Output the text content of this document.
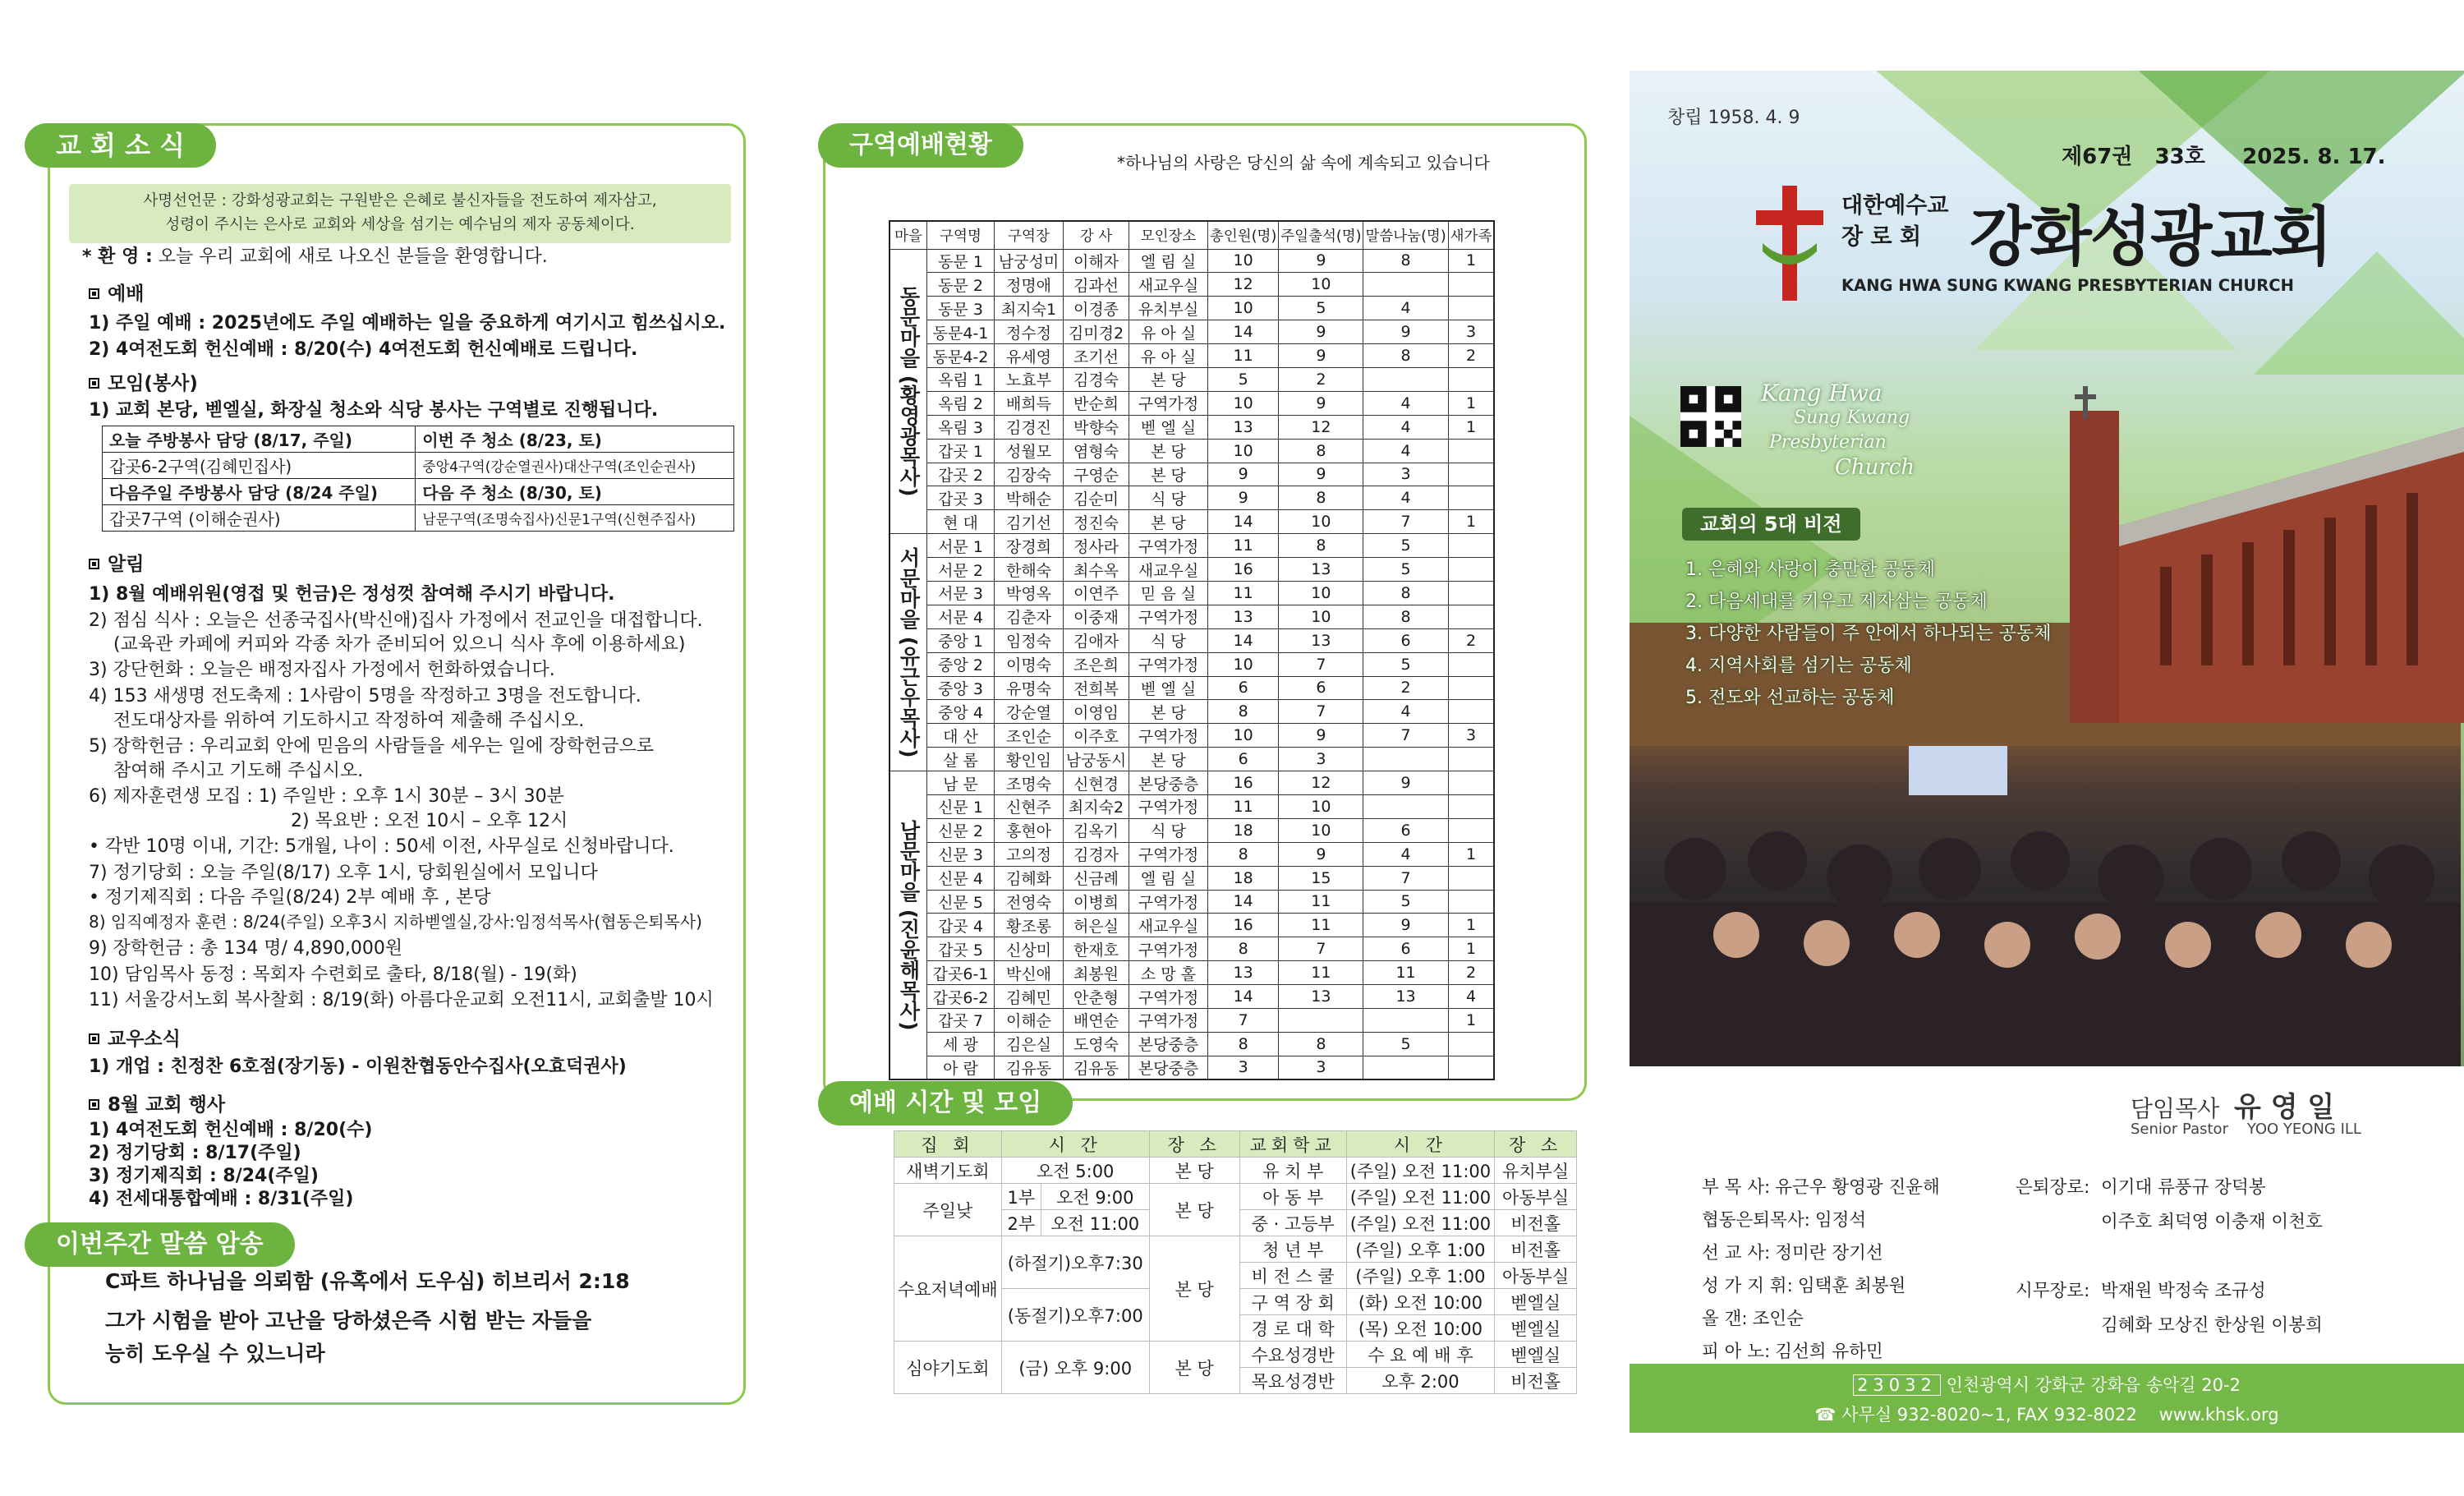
교 회 소 식
사명선언문 : 강화성광교회는 구원받은 은혜로 불신자들을 전도하여 제자삼고,
성령이 주시는 은사로 교회와 세상을 섬기는 예수님의 제자 공동체이다.
* 환 영 : 오늘 우리 교회에 새로 나오신 분들을 환영합니다.
예배
1) 주일 예배 : 2025년에도 주일 예배하는 일을 중요하게 여기시고 힘쓰십시오.
2) 4여전도회 헌신예배 : 8/20(수) 4여전도회 헌신예배로 드립니다.
모임(봉사)
1) 교회 본당, 벧엘실, 화장실 청소와 식당 봉사는 구역별로 진행됩니다.
오늘 주방봉사 담당 (8/17, 주일)	이번 주 청소 (8/23, 토)
갑곳6-2구역(김혜민집사)	중앙4구역(강순열권사)대산구역(조인순권사)
다음주일 주방봉사 담당 (8/24 주일)	다음 주 청소 (8/30, 토)
갑곳7구역 (이해순권사)	남문구역(조명숙집사)신문1구역(신현주집사)
알림
1) 8월 예배위원(영접 및 헌금)은 정성껏 참여해 주시기 바랍니다.
2) 점심 식사 : 오늘은 선종국집사(박신애)집사 가정에서 전교인을 대접합니다.
(교육관 카페에 커피와 각종 차가 준비되어 있으니 식사 후에 이용하세요)
3) 강단헌화 : 오늘은 배정자집사 가정에서 헌화하였습니다.
4) 153 새생명 전도축제 : 1사람이 5명을 작정하고 3명을 전도합니다.
전도대상자를 위하여 기도하시고 작정하여 제출해 주십시오.
5) 장학헌금 : 우리교회 안에 믿음의 사람들을 세우는 일에 장학헌금으로
참여해 주시고 기도해 주십시오.
6) 제자훈련생 모집 : 1) 주일반 : 오후 1시 30분 – 3시 30분
2) 목요반 : 오전 10시 – 오후 12시
• 각반 10명 이내, 기간: 5개월, 나이 : 50세 이전, 사무실로 신청바랍니다.
7) 정기당회 : 오늘 주일(8/17) 오후 1시, 당회원실에서 모입니다
• 정기제직회 : 다음 주일(8/24) 2부 예배 후 , 본당
8) 임직예정자 훈련 : 8/24(주일) 오후3시 지하벧엘실,강사:임정석목사(협동은퇴목사)
9) 장학헌금 : 총 134 명/ 4,890,000원
10) 담임목사 동정 : 목회자 수련회로 출타, 8/18(월) - 19(화)
11) 서울강서노회 복사찰회 : 8/19(화) 아름다운교회 오전11시, 교회출발 10시
교우소식
1) 개업 : 친정찬 6호점(장기동) - 이원찬협동안수집사(오효덕권사)
8월 교회 행사
1) 4여전도회 헌신예배 : 8/20(수)
2) 정기당회 : 8/17(주일)
3) 정기제직회 : 8/24(주일)
4) 전세대통합예배 : 8/31(주일)
이번주간 말씀 암송
C파트 하나님을 의뢰함 (유혹에서 도우심) 히브리서 2:18
그가 시험을 받아 고난을 당하셨은즉 시험 받는 자들을
능히 도우실 수 있느니라
구역예배현황
*하나님의 사랑은 당신의 삶 속에 계속되고 있습니다
마을	구역명	구역장	강 사	모인장소	총인원(명)	주일출석(명)	말씀나눔(명)	새가족

동문마을 (황영광목사)	동문 1	남궁성미	이해자	엘 림 실	10	9	8	1
	동문 2	정명애	김과선	새교우실	12	10		
	동문 3	최지숙1	이경종	유치부실	10	5	4	
	동문4-1	정수정	김미경2	유 아 실	14	9	9	3
	동문4-2	유세영	조기선	유 아 실	11	9	8	2
	옥림 1	노효부	김경숙	본 당	5	2		
	옥림 2	배희득	반순희	구역가정	10	9	4	1
	옥림 3	김경진	박향숙	벧 엘 실	13	12	4	1
	갑곳 1	성월모	염형숙	본 당	10	8	4	
	갑곳 2	김장숙	구영순	본 당	9	9	3	
	갑곳 3	박해순	김순미	식 당	9	8	4	
	현 대	김기선	정진숙	본 당	14	10	7	1

서문마을 (유근우목사)	서문 1	장경희	정사라	구역가정	11	8	5	
	서문 2	한해숙	최수옥	새교우실	16	13	5	
	서문 3	박영옥	이연주	믿 음 실	11	10	8	
	서문 4	김춘자	이중재	구역가정	13	10	8	
	중앙 1	임정숙	김애자	식 당	14	13	6	2
	중앙 2	이명숙	조은희	구역가정	10	7	5	
	중앙 3	유명숙	전희복	벧 엘 실	6	6	2	
	중앙 4	강순열	이영임	본 당	8	7	4	
	대 산	조인순	이주호	구역가정	10	9	7	3
	살 롬	황인임	남궁동시	본 당	6	3		

남문마을 (진윤해목사)	남 문	조명숙	신현경	본당중층	16	12	9	
	신문 1	신현주	최지숙2	구역가정	11	10		
	신문 2	홍현아	김옥기	식 당	18	10	6	
	신문 3	고의정	김경자	구역가정	8	9	4	1
	신문 4	김혜화	신금례	엘 림 실	18	15	7	
	신문 5	전영숙	이병희	구역가정	14	11	5	
	갑곳 4	황조롱	허은실	새교우실	16	11	9	1
	갑곳 5	신상미	한재호	구역가정	8	7	6	1
	갑곳6-1	박신애	최봉원	소 망 홀	13	11	11	2
	갑곳6-2	김혜민	안춘형	구역가정	14	13	13	4
	갑곳 7	이해순	배연순	구역가정	7			1
	세 광	김은실	도영숙	본당중층	8	8	5	
	아 람	김유동	김유동	본당중층	3	3		
예배 시간 및 모임
집 회	시 간		장 소	교회학교	시 간	장 소
새벽기도회	오전 5:00		본 당	유 치 부	(주일) 오전 11:00	유치부실
주일낮	1부	오전 9:00	본 당	아 동 부	(주일) 오전 11:00	아동부실
	2부	오전 11:00		중 · 고등부	(주일) 오전 11:00	비전홀
수요저녁예배	(하절기)오후7:30		본 당	청 년 부	(주일) 오후 1:00	비전홀
				비 전 스 쿨	(주일) 오후 1:00	아동부실
	(동절기)오후7:00			구 역 장 회	(화) 오전 10:00	벧엘실
				경 로 대 학	(목) 오전 10:00	벧엘실
심야기도회	(금) 오후 9:00		본 당	수요성경반	수 요 예 배 후	벧엘실
				목요성경반	오후 2:00	비전홀
창립 1958. 4. 9
제67권 33호 2025. 8. 17.
대한예수교
장 로 회 강화성광교회
KANG HWA SUNG KWANG PRESBYTERIAN CHURCH
Kang Hwa
Sung Kwang
Presbyterian
Church
교회의 5대 비전
1. 은혜와 사랑이 충만한 공동체
2. 다음세대를 키우고 제자삼는 공동체
3. 다양한 사람들이 주 안에서 하나되는 공동체
4. 지역사회를 섬기는 공동체
5. 전도와 선교하는 공동체
담임목사 유 영 일
Senior Pastor YOO YEONG ILL
부 목 사: 유근우 황영광 진윤해
협동은퇴목사: 임정석
선 교 사: 정미란 장기선
성 가 지 휘: 임택훈 최봉원
올 갠: 조인순
피 아 노: 김선희 유하민
은퇴장로: 이기대 류풍규 장덕봉
이주호 최덕영 이충재 이천호
시무장로: 박재원 박정숙 조규성
김혜화 모상진 한상원 이봉희
23032 인천광역시 강화군 강화읍 송악길 20-2
☎ 사무실 932-8020~1, FAX 932-8022 www.khsk.org
